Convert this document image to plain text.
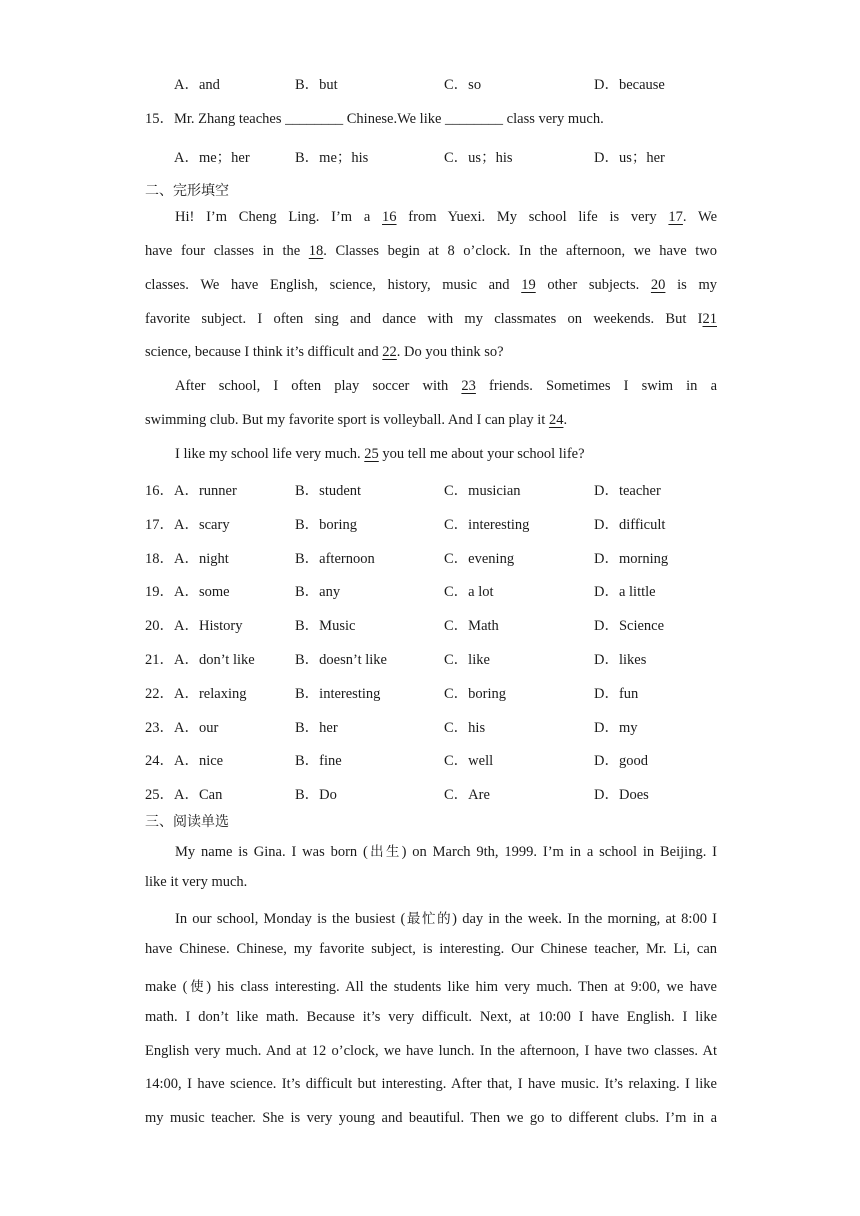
A．and	B．but	C．so	D．because
15．Mr. Zhang teaches ________ Chinese.We like ________ class very much.
A．me；her	B．me；his	C．us；his	D．us；her
二、完形填空
Hi! I’m Cheng Ling. I’m a 16 from Yuexi. My school life is very 17. We
have four classes in the 18. Classes begin at 8 o’clock. In the afternoon, we have two
classes. We have English, science, history, music and 19 other subjects. 20 is my
favorite subject. I often sing and dance with my classmates on weekends. But I21
science, because I think it’s difficult and 22. Do you think so?
After school, I often play soccer with 23 friends. Sometimes I swim in a
swimming club. But my favorite sport is volleyball. And I can play it 24.
I like my school life very much. 25 you tell me about your school life?
16． A．runner	B．student	C．musician	D．teacher
17． A．scary	B．boring	C．interesting	D．difficult
18． A．night	B．afternoon	C．evening	D．morning
19． A．some	B．any	C．a lot	D．a little
20． A．History	B．Music	C．Math	D．Science
21． A．don’t like	B．doesn’t like	C．like	D．likes
22． A．relaxing	B．interesting	C．boring	D．fun
23． A．our	B．her	C．his	D．my
24． A．nice	B．fine	C．well	D．good
25． A．Can	B．Do	C．Are	D．Does
三、阅读单选
My name is Gina. I was born (出生) on March 9th, 1999. I’m in a school in Beijing. I
like it very much.
In our school, Monday is the busiest (最忙的) day in the week. In the morning, at 8:00 I
have Chinese. Chinese, my favorite subject, is interesting. Our Chinese teacher, Mr. Li, can
make (使) his class interesting. All the students like him very much. Then at 9:00, we have
math. I don’t like math. Because it’s very difficult. Next, at 10:00 I have English. I like
English very much. And at 12 o’clock, we have lunch. In the afternoon, I have two classes. At
14:00, I have science. It’s difficult but interesting. After that, I have music. It’s relaxing. I like
my music teacher. She is very young and beautiful. Then we go to different clubs. I’m in a
